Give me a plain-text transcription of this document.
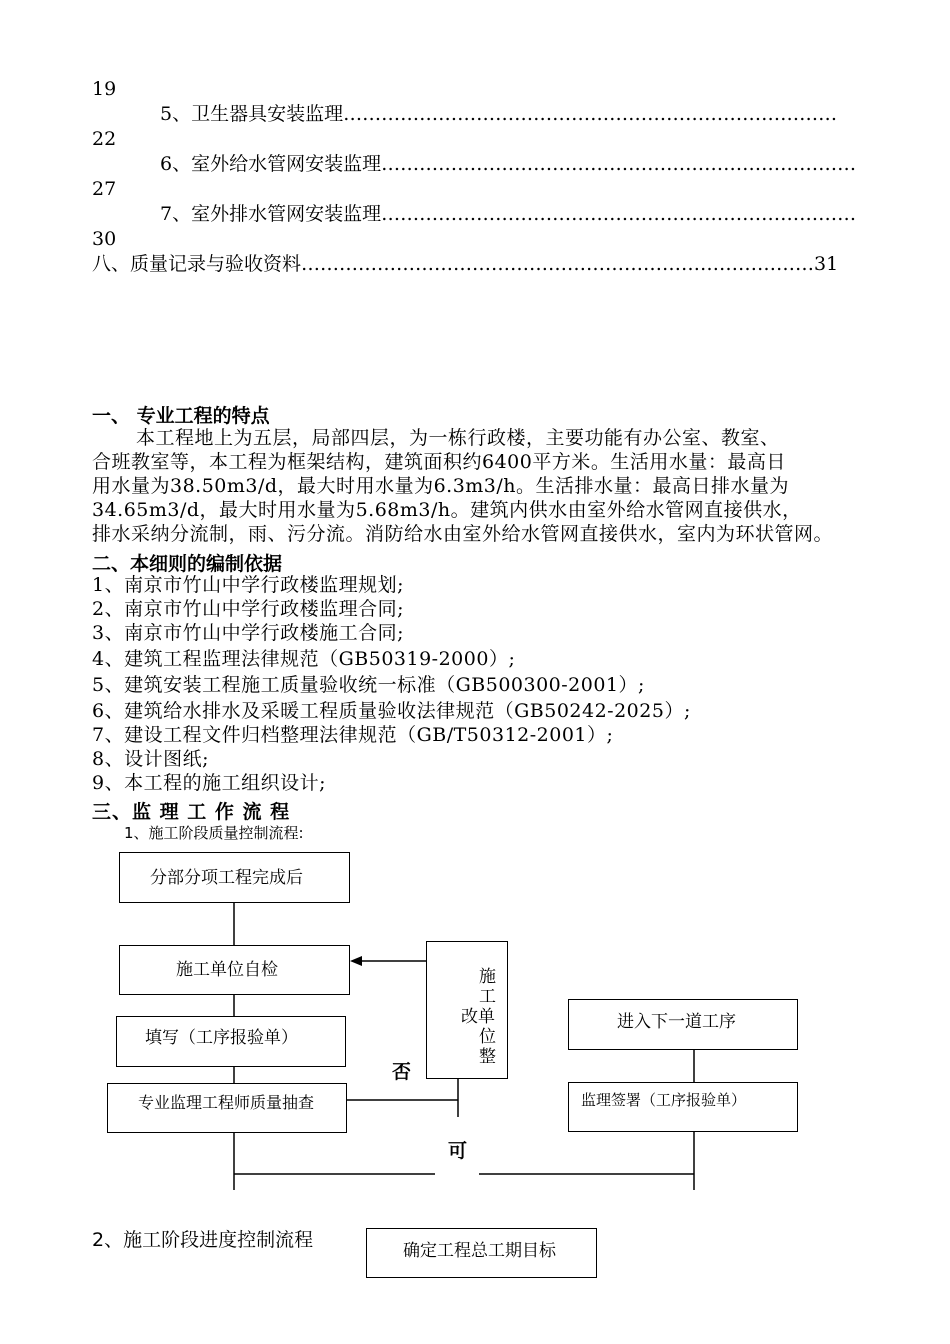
19
5、卫生器具安装监理……………………………………………………………………
22
6、室外给水管网安装监理…………………………………………………………………
27
7、室外排水管网安装监理…………………………………………………………………
30
八、质量记录与验收资料………………………………………………………………………31
一、 专业工程的特点
本工程地上为五层，局部四层，为一栋行政楼，主要功能有办公室、教室、
合班教室等，本工程为框架结构，建筑面积约6400平方米。生活用水量：最高日
用水量为38.50m3/d，最大时用水量为6.3m3/h。生活排水量：最高日排水量为
34.65m3/d，最大时用水量为5.68m3/h。建筑内供水由室外给水管网直接供水，
排水采纳分流制，雨、污分流。消防给水由室外给水管网直接供水，室内为环状管网。
二、本细则的编制依据
1、南京市竹山中学行政楼监理规划;
2、南京市竹山中学行政楼监理合同;
3、南京市竹山中学行政楼施工合同;
4、建筑工程监理法律规范（GB50319-2000）;
5、建筑安装工程施工质量验收统一标准（GB500300-2001）;
6、建筑给水排水及采暖工程质量验收法律规范（GB50242-2025）;
7、建设工程文件归档整理法律规范（GB/T50312-2001）;
8、设计图纸;
9、本工程的施工组织设计;
三、监 理 工 作 流 程
1、施工阶段质量控制流程:
分部分项工程完成后
施工单位自检
填写（工序报验单）
专业监理工程师质量抽查
施
工
改单
位
整
进入下一道工序
监理签署（工序报验单）
否
可
2、施工阶段进度控制流程	确定工程总工期目标
